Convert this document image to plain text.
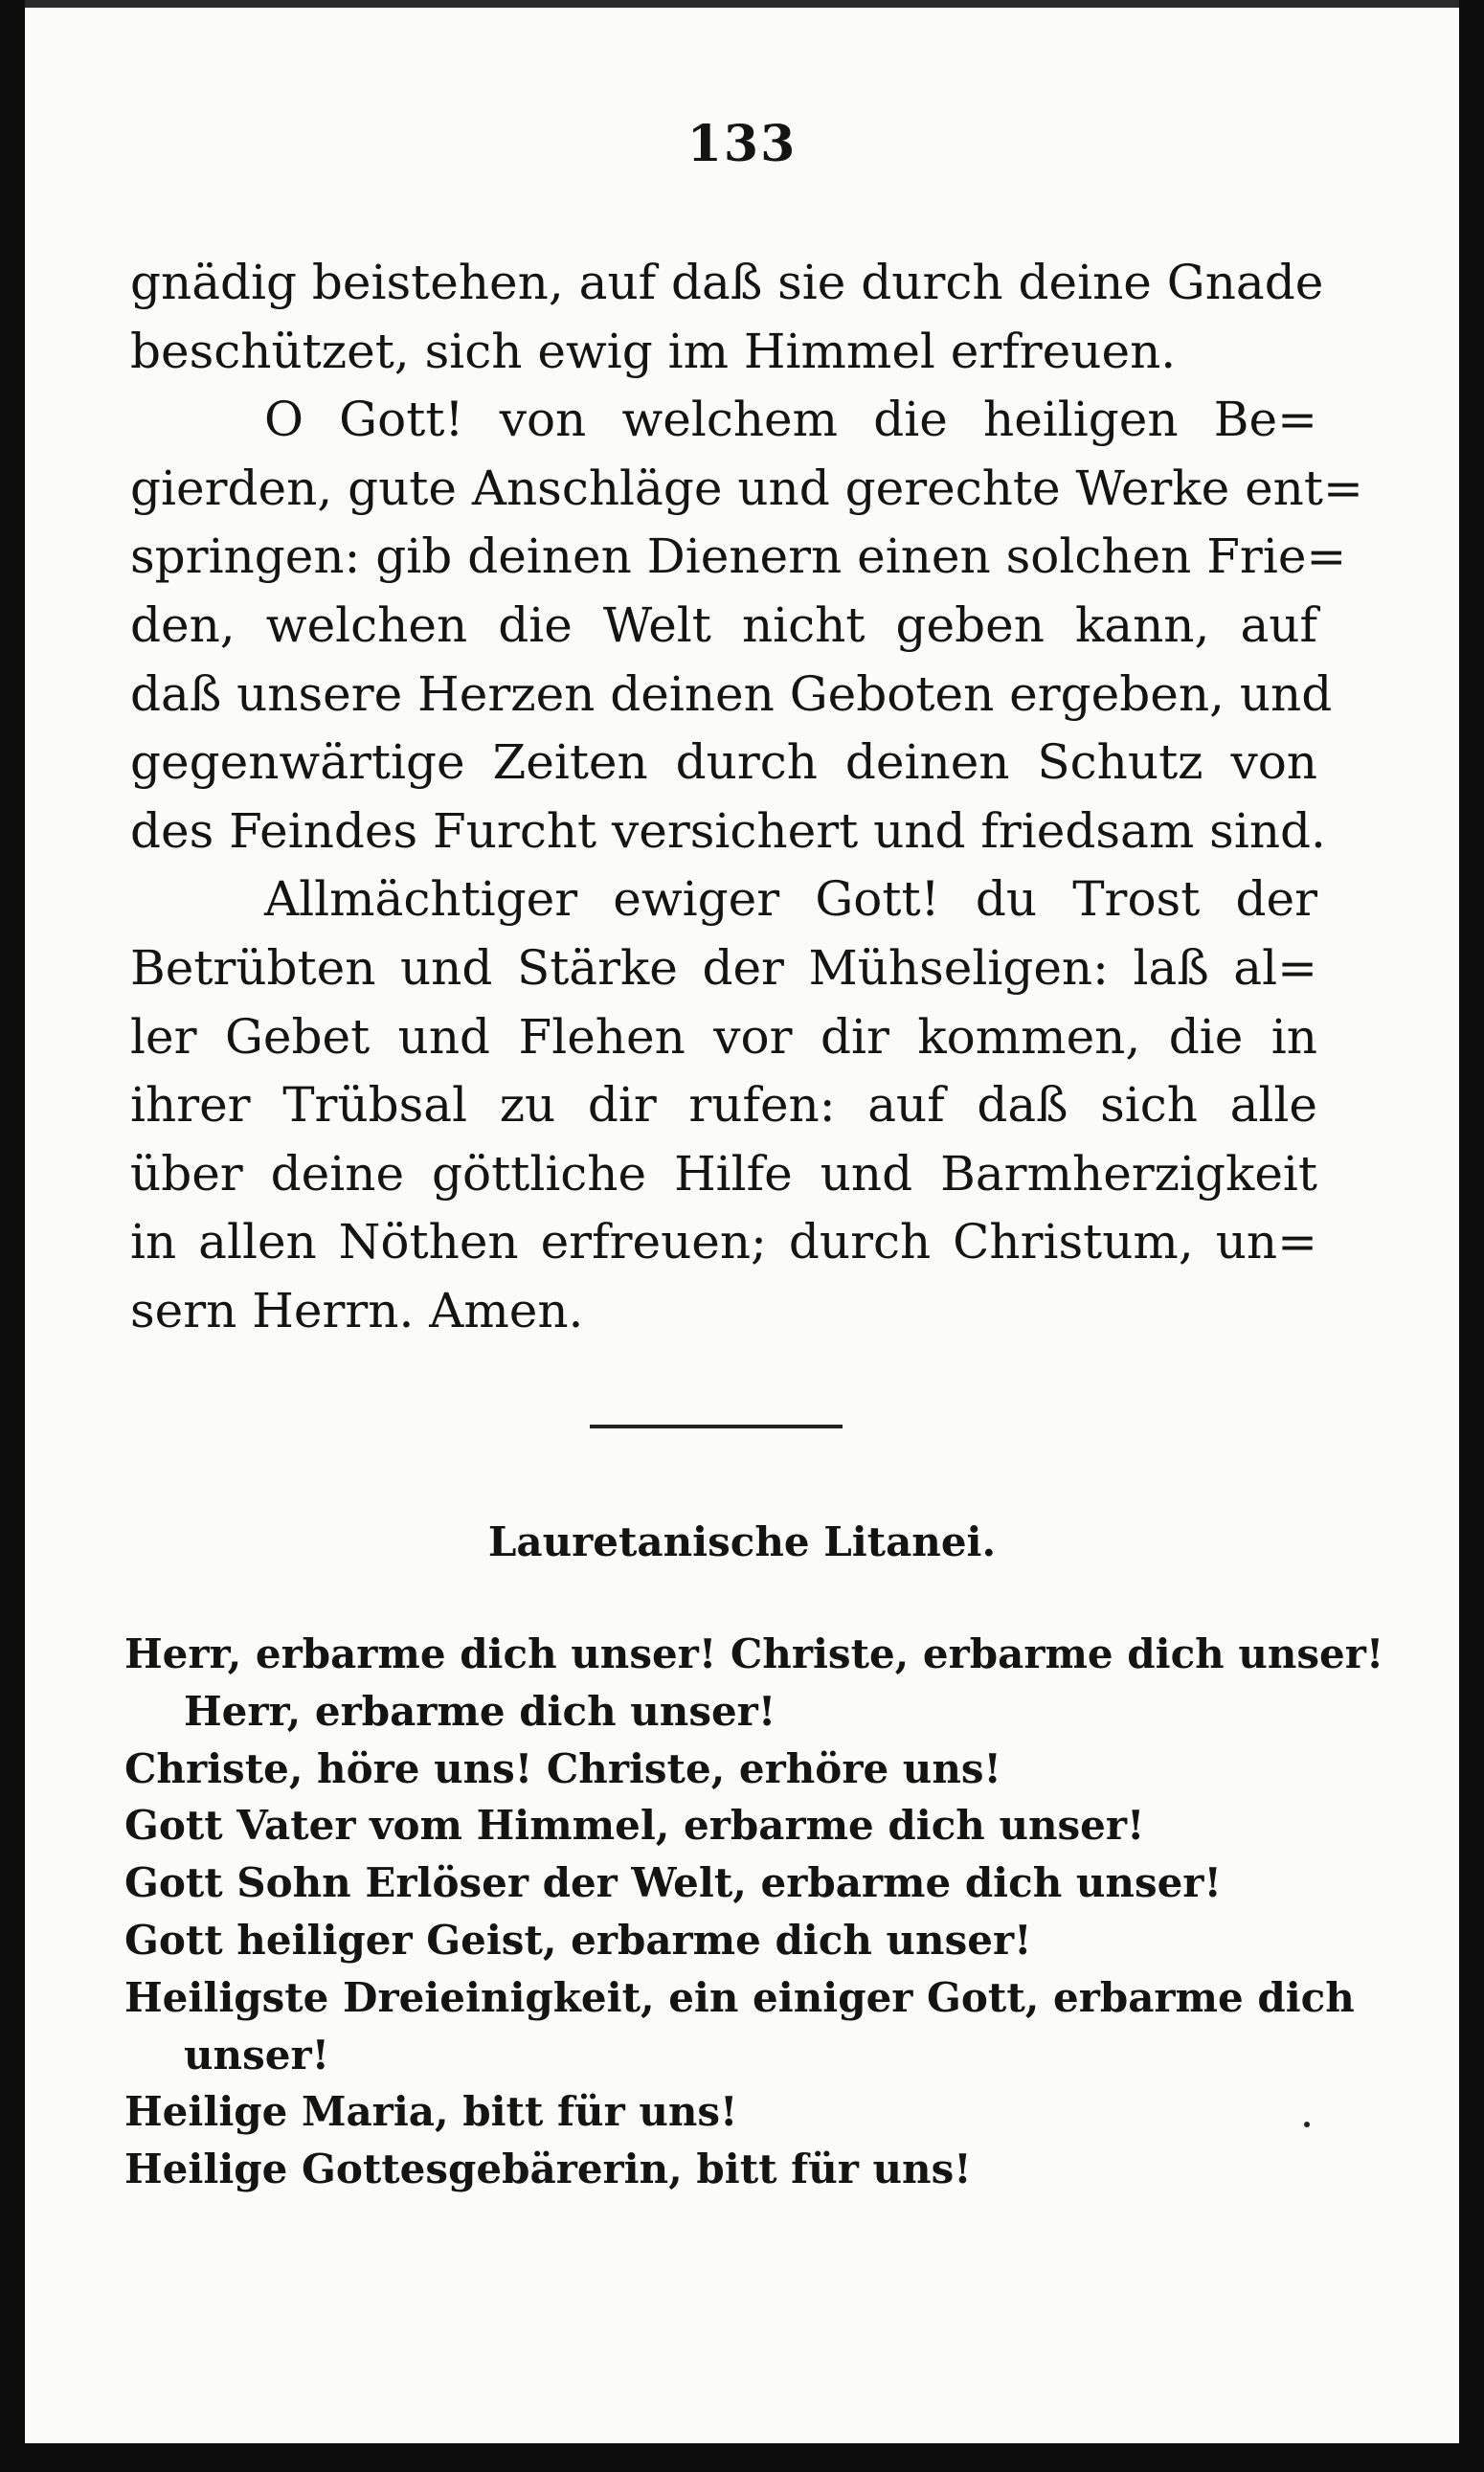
133
gnädig beistehen, auf daß sie durch deine Gnade
beschützet, sich ewig im Himmel erfreuen.
O Gott! von welchem die heiligen Be=
gierden, gute Anschläge und gerechte Werke ent=
springen: gib deinen Dienern einen solchen Frie=
den, welchen die Welt nicht geben kann, auf
daß unsere Herzen deinen Geboten ergeben, und
gegenwärtige Zeiten durch deinen Schutz von
des Feindes Furcht versichert und friedsam sind.
Allmächtiger ewiger Gott! du Trost der
Betrübten und Stärke der Mühseligen: laß al=
ler Gebet und Flehen vor dir kommen, die in
ihrer Trübsal zu dir rufen: auf daß sich alle
über deine göttliche Hilfe und Barmherzigkeit
in allen Nöthen erfreuen; durch Christum, un=
sern Herrn. Amen.
Lauretanische Litanei.
Herr, erbarme dich unser! Christe, erbarme dich unser!
Herr, erbarme dich unser!
Christe, höre uns! Christe, erhöre uns!
Gott Vater vom Himmel, erbarme dich unser!
Gott Sohn Erlöser der Welt, erbarme dich unser!
Gott heiliger Geist, erbarme dich unser!
Heiligste Dreieinigkeit, ein einiger Gott, erbarme dich
unser!
Heilige Maria, bitt für uns!
Heilige Gottesgebärerin, bitt für uns!
